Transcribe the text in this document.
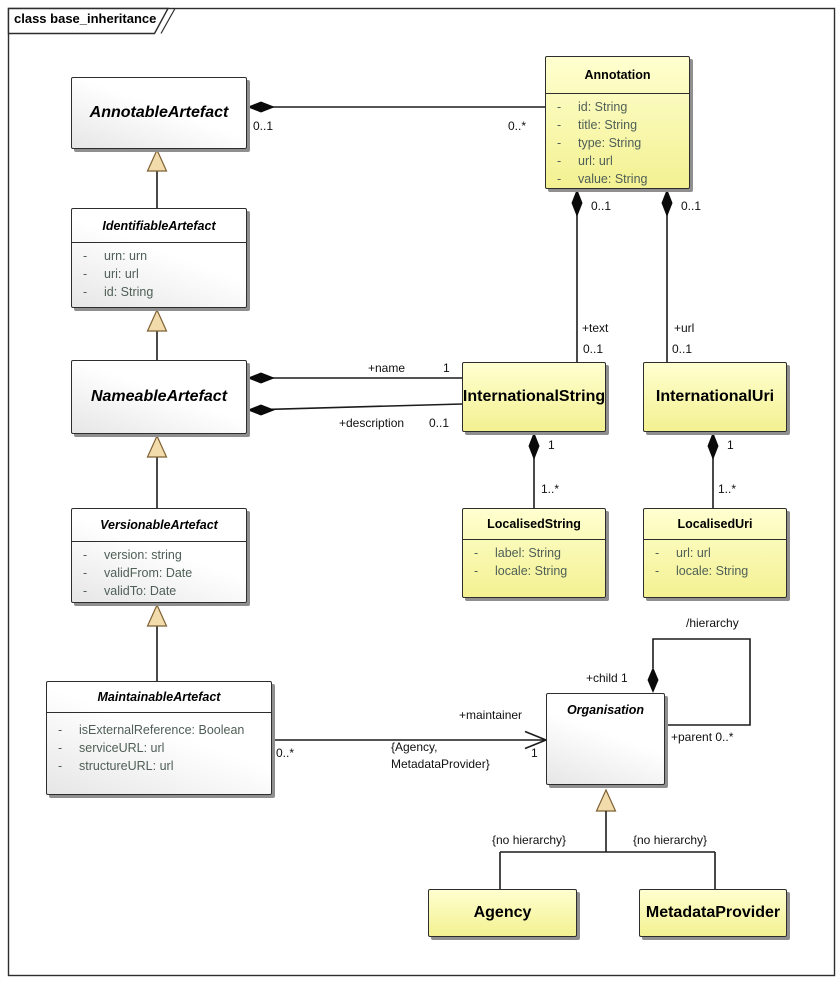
class base_inheritance
AnnotableArtefact
Annotation
-	id: String
-	title: String
-	type: String
-	url: url
-	value: String
IdentifiableArtefact
-	urn: urn
-	uri: url
-	id: String
NameableArtefact	InternationalString	InternationalUri
LocalisedString
-	label: String
-	locale: String
LocalisedUri
-	url: url
-	locale: String
VersionableArtefact
-	version: string
-	validFrom: Date
-	validTo: Date
MaintainableArtefact
-	isExternalReference: Boolean
-	serviceURL: url
-	structureURL: url
Organisation
Agency	MetadataProvider
0..1	0..*
+name	1
+description 0..1
0..1
+text
0..1
0..1
+url
0..1
1
1..*
1
1..*
+maintainer
0..*	{Agency,
MetadataProvider}
1
/hierarchy
+child 1
+parent 0..*
{no hierarchy}	{no hierarchy}
